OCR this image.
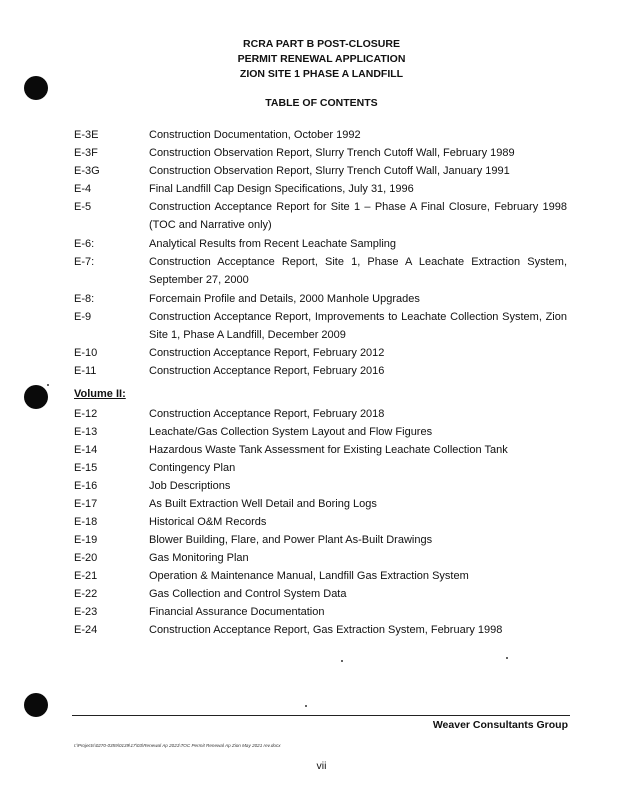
RCRA PART B POST-CLOSURE
PERMIT RENEWAL APPLICATION
ZION SITE 1 PHASE A LANDFILL
TABLE OF CONTENTS
E-3E	Construction Documentation, October 1992
E-3F	Construction Observation Report, Slurry Trench Cutoff Wall, February 1989
E-3G	Construction Observation Report, Slurry Trench Cutoff Wall, January 1991
E-4	Final Landfill Cap Design Specifications, July 31, 1996
E-5	Construction Acceptance Report for Site 1 – Phase A Final Closure, February 1998 (TOC and Narrative only)
E-6:	Analytical Results from Recent Leachate Sampling
E-7:	Construction Acceptance Report, Site 1, Phase A Leachate Extraction System, September 27, 2000
E-8:	Forcemain Profile and Details, 2000 Manhole Upgrades
E-9	Construction Acceptance Report, Improvements to Leachate Collection System, Zion Site 1, Phase A Landfill, December 2009
E-10	Construction Acceptance Report, February 2012
E-11	Construction Acceptance Report, February 2016
Volume II:
E-12	Construction Acceptance Report, February 2018
E-13	Leachate/Gas Collection System Layout and Flow Figures
E-14	Hazardous Waste Tank Assessment for Existing Leachate Collection Tank
E-15	Contingency Plan
E-16	Job Descriptions
E-17	As Built Extraction Well Detail and Boring Logs
E-18	Historical O&M Records
E-19	Blower Building, Flare, and Power Plant As-Built Drawings
E-20	Gas Monitoring Plan
E-21	Operation & Maintenance Manual, Landfill Gas Extraction System
E-22	Gas Collection and Control System Data
E-23	Financial Assurance Documentation
E-24	Construction Acceptance Report, Gas Extraction System, February 1998
Weaver Consultants Group
I:\Projects\0270-0359\0139\17\03\Renewal Ap 2021\TOC Permit Renewal Ap Zion May 2021 rev.docx
vii
